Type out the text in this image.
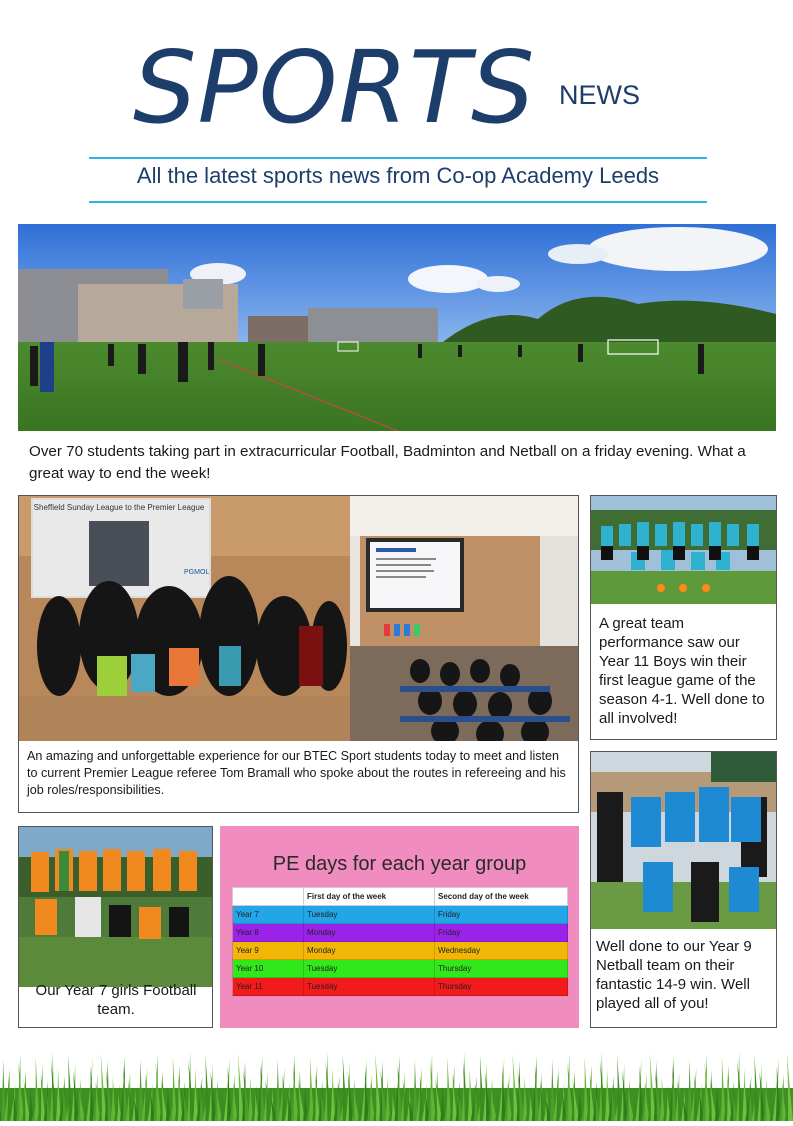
SPORTS NEWS
All the latest sports news from Co-op Academy Leeds
Over 70 students taking part in extracurricular Football, Badminton and Netball on a friday evening. What a great way to end the week!
Sheffield Sunday League to the Premier League
PGMOL
An amazing and unforgettable experience for our BTEC Sport students today to meet and listen to current Premier League referee Tom Bramall who spoke about the routes in refereeing and his job roles/responsibilities.
A great team performance saw our Year 11 Boys win their first league game of the season 4-1. Well done to all involved!
Our Year 7 girls Football team.
PE days for each year group
	First day of the week	Second day of the week
Year 7	Tuesday	Friday
Year 8	Monday	Friday
Year 9	Monday	Wednesday
Year 10	Tuesday	Thursday
Year 11	Tuesday	Thursday
Well done to our Year 9 Netball team on their fantastic 14-9 win. Well played all of you!
